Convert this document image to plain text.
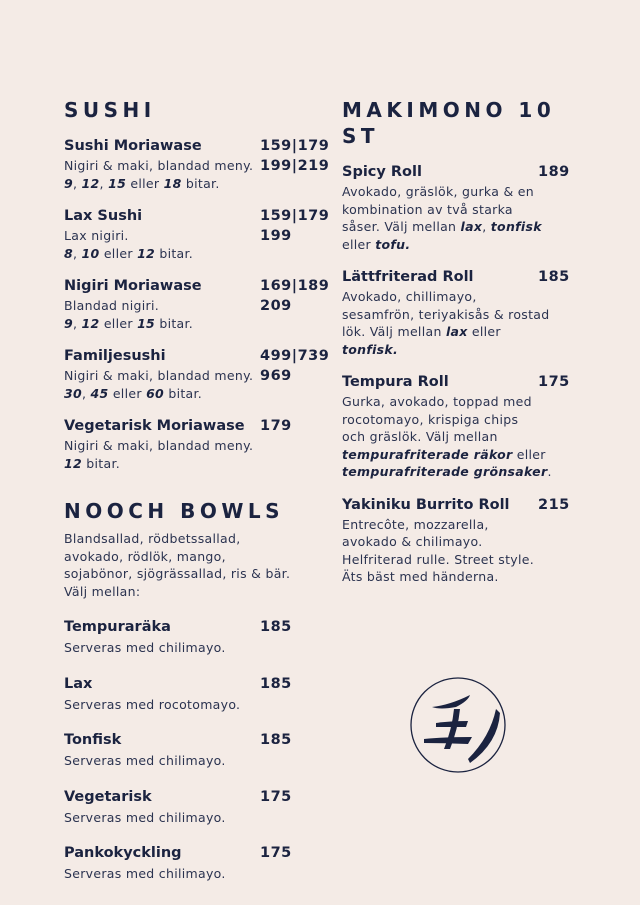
SUSHI
Sushi Moriawase
Nigiri & maki, blandad meny.
9, 12, 15 eller 18 bitar.
159|179
199|219
Lax Sushi
Lax nigiri.
8, 10 eller 12 bitar.
159|179
199
Nigiri Moriawase
Blandad nigiri.
9, 12 eller 15 bitar.
169|189
209
Familjesushi
Nigiri & maki, blandad meny.
30, 45 eller 60 bitar.
499|739
969
Vegetarisk Moriawase
Nigiri & maki, blandad meny.
12 bitar.
179
NOOCH BOWLS
Blandsallad, rödbetssallad,
avokado, rödlök, mango,
sojabönor, sjögrässallad, ris & bär.
Välj mellan:
Tempuraräka
Serveras med chilimayo.
185
Lax
Serveras med rocotomayo.
185
Tonfisk
Serveras med chilimayo.
185
Vegetarisk
Serveras med chilimayo.
175
Pankokyckling
Serveras med chilimayo.
175
MAKIMONO 10 ST
Spicy Roll
Avokado, gräslök, gurka & en
kombination av två starka
såser. Välj mellan lax, tonfisk
eller tofu.
189
Lättfriterad Roll
Avokado, chillimayo,
sesamfrön, teriyakisås & rostad
lök. Välj mellan lax eller
tonfisk.
185
Tempura Roll
Gurka, avokado, toppad med
rocotomayo, krispiga chips
och gräslök. Välj mellan
tempurafriterade räkor eller
tempurafriterade grönsaker.
175
Yakiniku Burrito Roll
Entrecôte, mozzarella,
avokado & chilimayo.
Helfriterad rulle. Street style.
Äts bäst med händerna.
215
